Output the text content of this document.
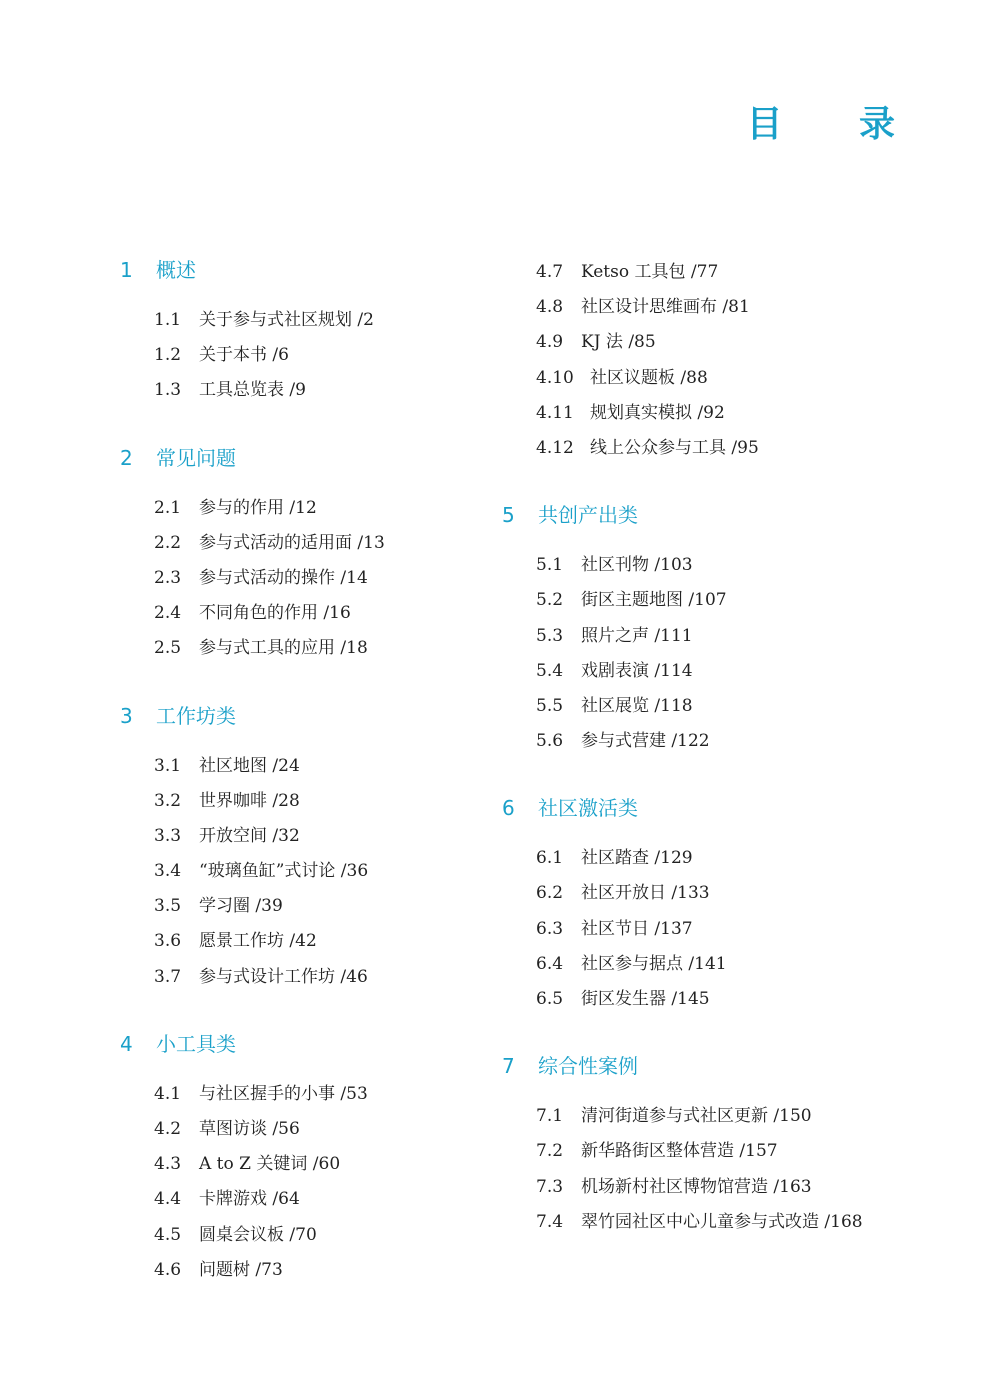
目 录
1 概述
1.1 关于参与式社区规划 /2
1.2 关于本书 /6
1.3 工具总览表 /9
2 常见问题
2.1 参与的作用 /12
2.2 参与式活动的适用面 /13
2.3 参与式活动的操作 /14
2.4 不同角色的作用 /16
2.5 参与式工具的应用 /18
3 工作坊类
3.1 社区地图 /24
3.2 世界咖啡 /28
3.3 开放空间 /32
3.4 “玻璃鱼缸”式讨论 /36
3.5 学习圈 /39
3.6 愿景工作坊 /42
3.7 参与式设计工作坊 /46
4 小工具类
4.1 与社区握手的小事 /53
4.2 草图访谈 /56
4.3 A to Z 关键词 /60
4.4 卡牌游戏 /64
4.5 圆桌会议板 /70
4.6 问题树 /73
4.7 Ketso 工具包 /77
4.8 社区设计思维画布 /81
4.9 KJ 法 /85
4.10 社区议题板 /88
4.11 规划真实模拟 /92
4.12 线上公众参与工具 /95
5 共创产出类
5.1 社区刊物 /103
5.2 街区主题地图 /107
5.3 照片之声 /111
5.4 戏剧表演 /114
5.5 社区展览 /118
5.6 参与式营建 /122
6 社区激活类
6.1 社区踏查 /129
6.2 社区开放日 /133
6.3 社区节日 /137
6.4 社区参与据点 /141
6.5 街区发生器 /145
7 综合性案例
7.1 清河街道参与式社区更新 /150
7.2 新华路街区整体营造 /157
7.3 机场新村社区博物馆营造 /163
7.4 翠竹园社区中心儿童参与式改造 /168
